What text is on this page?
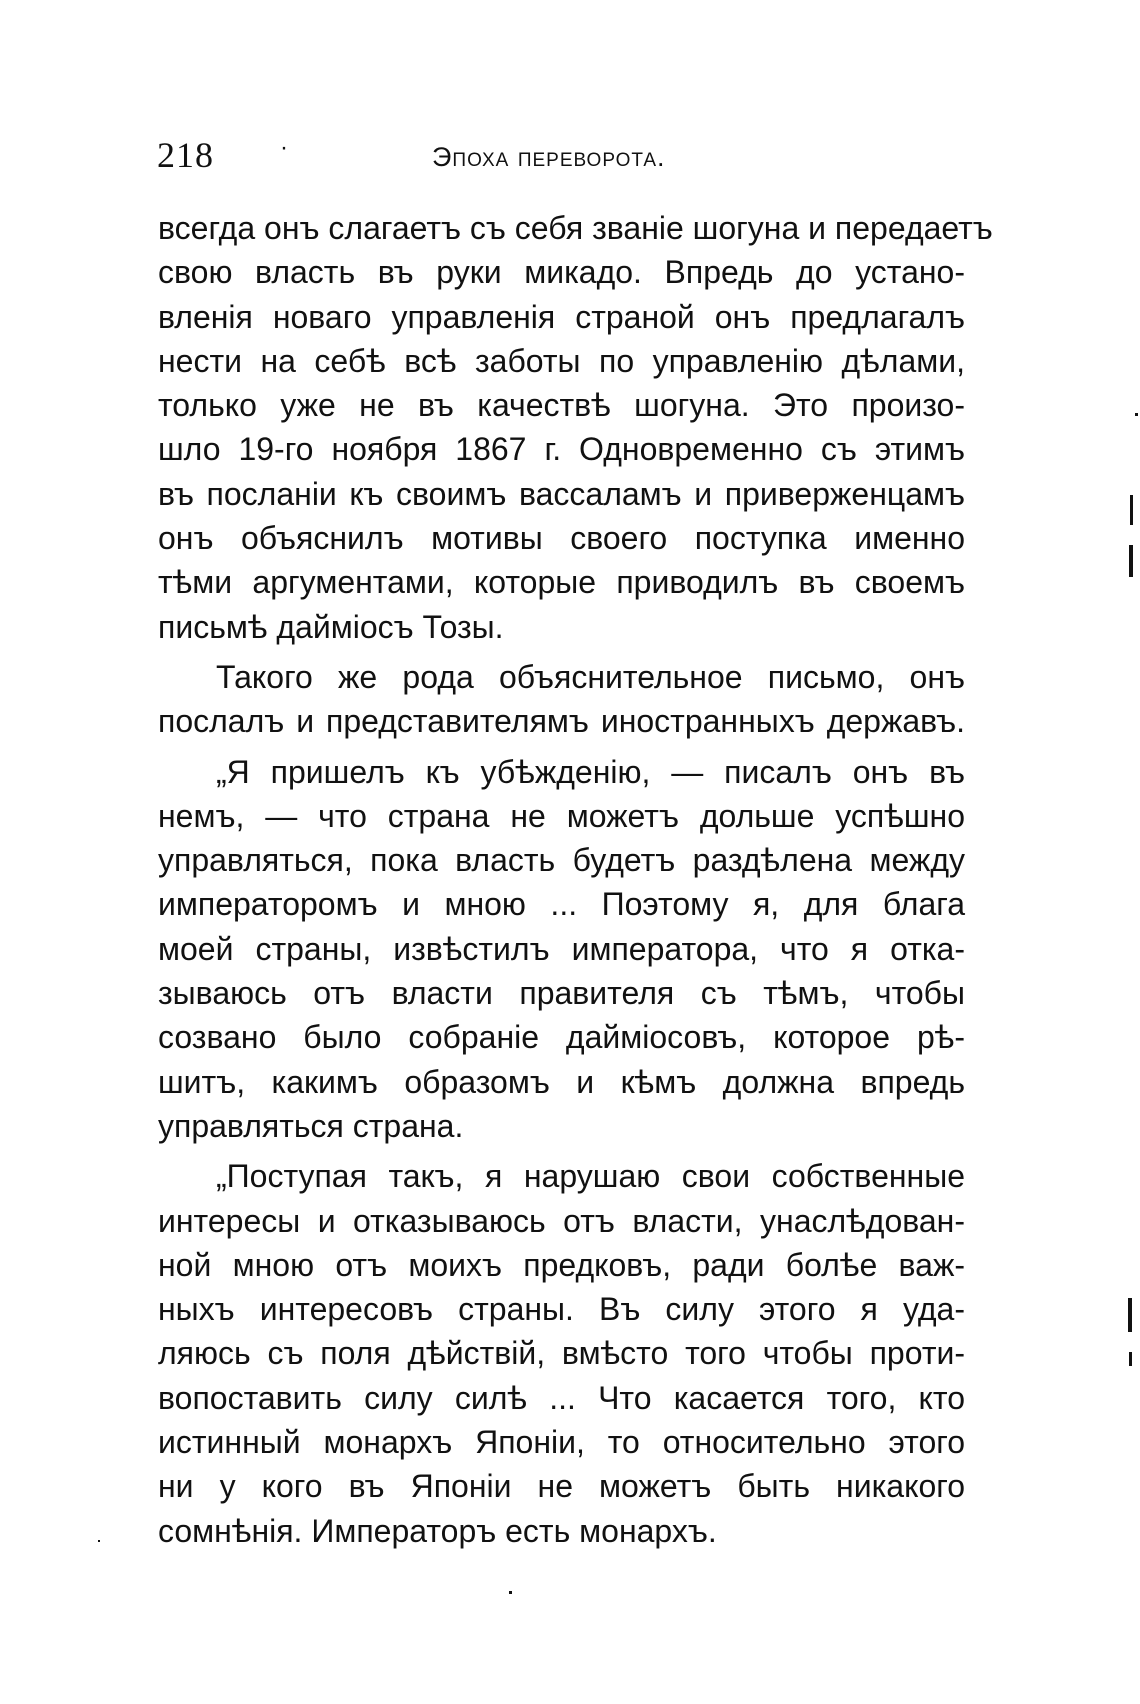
218	·	Эпоха переворота.
всегда онъ слагаетъ съ себя званіе шогуна и передаетъ
свою власть въ руки микадо. Впредь до устано-
вленія новаго управленія страной онъ предлагалъ
нести на себѣ всѣ заботы по управленію дѣлами,
только уже не въ качествѣ шогуна. Это произо-
шло 19-го ноября 1867 г. Одновременно съ этимъ
въ посланіи къ своимъ вассаламъ и приверженцамъ
онъ объяснилъ мотивы своего поступка именно
тѣми аргументами, которые приводилъ въ своемъ
письмѣ даймiосъ Тозы.
Такого же рода объяснительное письмо, онъ
послалъ и представителямъ иностранныхъ державъ.
„Я пришелъ къ убѣжденію, — писалъ онъ въ
немъ, — что страна не можетъ дольше успѣшно
управляться, пока власть будетъ раздѣлена между
императоромъ и мною ... Поэтому я, для блага
моей страны, извѣстилъ императора, что я отка-
зываюсь отъ власти правителя съ тѣмъ, чтобы
созвано было собраніе даймiосовъ, которое рѣ-
шитъ, какимъ образомъ и кѣмъ должна впредь
управляться страна.
„Поступая такъ, я нарушаю свои собственные
интересы и отказываюсь отъ власти, унаслѣдован-
ной мною отъ моихъ предковъ, ради болѣе важ-
ныхъ интересовъ страны. Въ силу этого я уда-
ляюсь съ поля дѣйствій, вмѣсто того чтобы проти-
вопоставить силу силѣ ... Что касается того, кто
истинный монархъ Японіи, то относительно этого
ни у кого въ Японіи не можетъ быть никакого
сомнѣнія. Императоръ есть монархъ.
